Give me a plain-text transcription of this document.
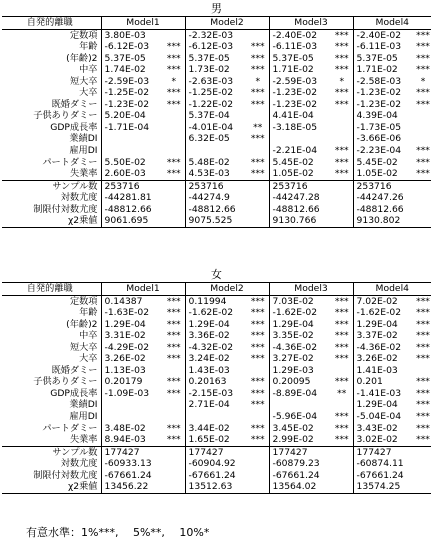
男
自発的離職	Model1		Model2		Model3		Model4	
定数項	3.80E-03		-2.32E-03		-2.40E-02	***	-2.40E-02	***
年齢	-6.12E-03	***	-6.12E-03	***	-6.11E-03	***	-6.11E-03	***
(年齢)2	5.37E-05	***	5.37E-05	***	5.37E-05	***	5.37E-05	***
中卒	1.74E-02	***	1.73E-02	***	1.71E-02	***	1.71E-02	***
短大卒	-2.59E-03	*	-2.63E-03	*	-2.59E-03	*	-2.58E-03	*
大卒	-1.25E-02	***	-1.25E-02	***	-1.23E-02	***	-1.23E-02	***
既婚ダミー	-1.23E-02	***	-1.22E-02	***	-1.23E-02	***	-1.23E-02	***
子供ありダミー	5.20E-04		5.37E-04		4.41E-04		4.39E-04	
GDP成長率	-1.71E-04		-4.01E-04	**	-3.18E-05		-1.73E-05	
業績DI			6.32E-05	***			-3.66E-06	
雇用DI					-2.21E-04	***	-2.23E-04	***
パートダミー	5.50E-02	***	5.48E-02	***	5.45E-02	***	5.45E-02	***
失業率	2.60E-03	***	4.53E-03	***	1.05E-02	***	1.05E-02	***
サンプル数	253716		253716		253716		253716	
対数尤度	-44281.81		-44274.9		-44247.28		-44247.26	
制限付対数尤度	-48812.66		-48812.66		-48812.66		-48812.66	
χ2乗値	9061.695		9075.525		9130.766		9130.802	
女
自発的離職	Model1		Model2		Model3		Model4	
定数項	0.14387	***	0.11994	***	7.03E-02	***	7.02E-02	***
年齢	-1.63E-02	***	-1.62E-02	***	-1.62E-02	***	-1.62E-02	***
(年齢)2	1.29E-04	***	1.29E-04	***	1.29E-04	***	1.29E-04	***
中卒	3.31E-02	***	3.36E-02	***	3.35E-02	***	3.37E-02	***
短大卒	-4.29E-02	***	-4.32E-02	***	-4.36E-02	***	-4.36E-02	***
大卒	3.26E-02	***	3.24E-02	***	3.27E-02	***	3.26E-02	***
既婚ダミー	1.13E-03		1.43E-03		1.29E-03		1.41E-03	
子供ありダミー	0.20179	***	0.20163	***	0.20095	***	0.201	***
GDP成長率	-1.09E-03	***	-2.15E-03	***	-8.89E-04	**	-1.41E-03	***
業績DI			2.71E-04	***			1.29E-04	***
雇用DI					-5.96E-04	***	-5.04E-04	***
パートダミー	3.48E-02	***	3.44E-02	***	3.45E-02	***	3.43E-02	***
失業率	8.94E-03	***	1.65E-02	***	2.99E-02	***	3.02E-02	***
サンプル数	177427		177427		177427		177427	
対数尤度	-60933.13		-60904.92		-60879.23		-60874.11	
制限付対数尤度	-67661.24		-67661.24		-67661.24		-67661.24	
χ2乗値	13456.22		13512.63		13564.02		13574.25	
有意水準：1%***,　 5%**,　 10%*
